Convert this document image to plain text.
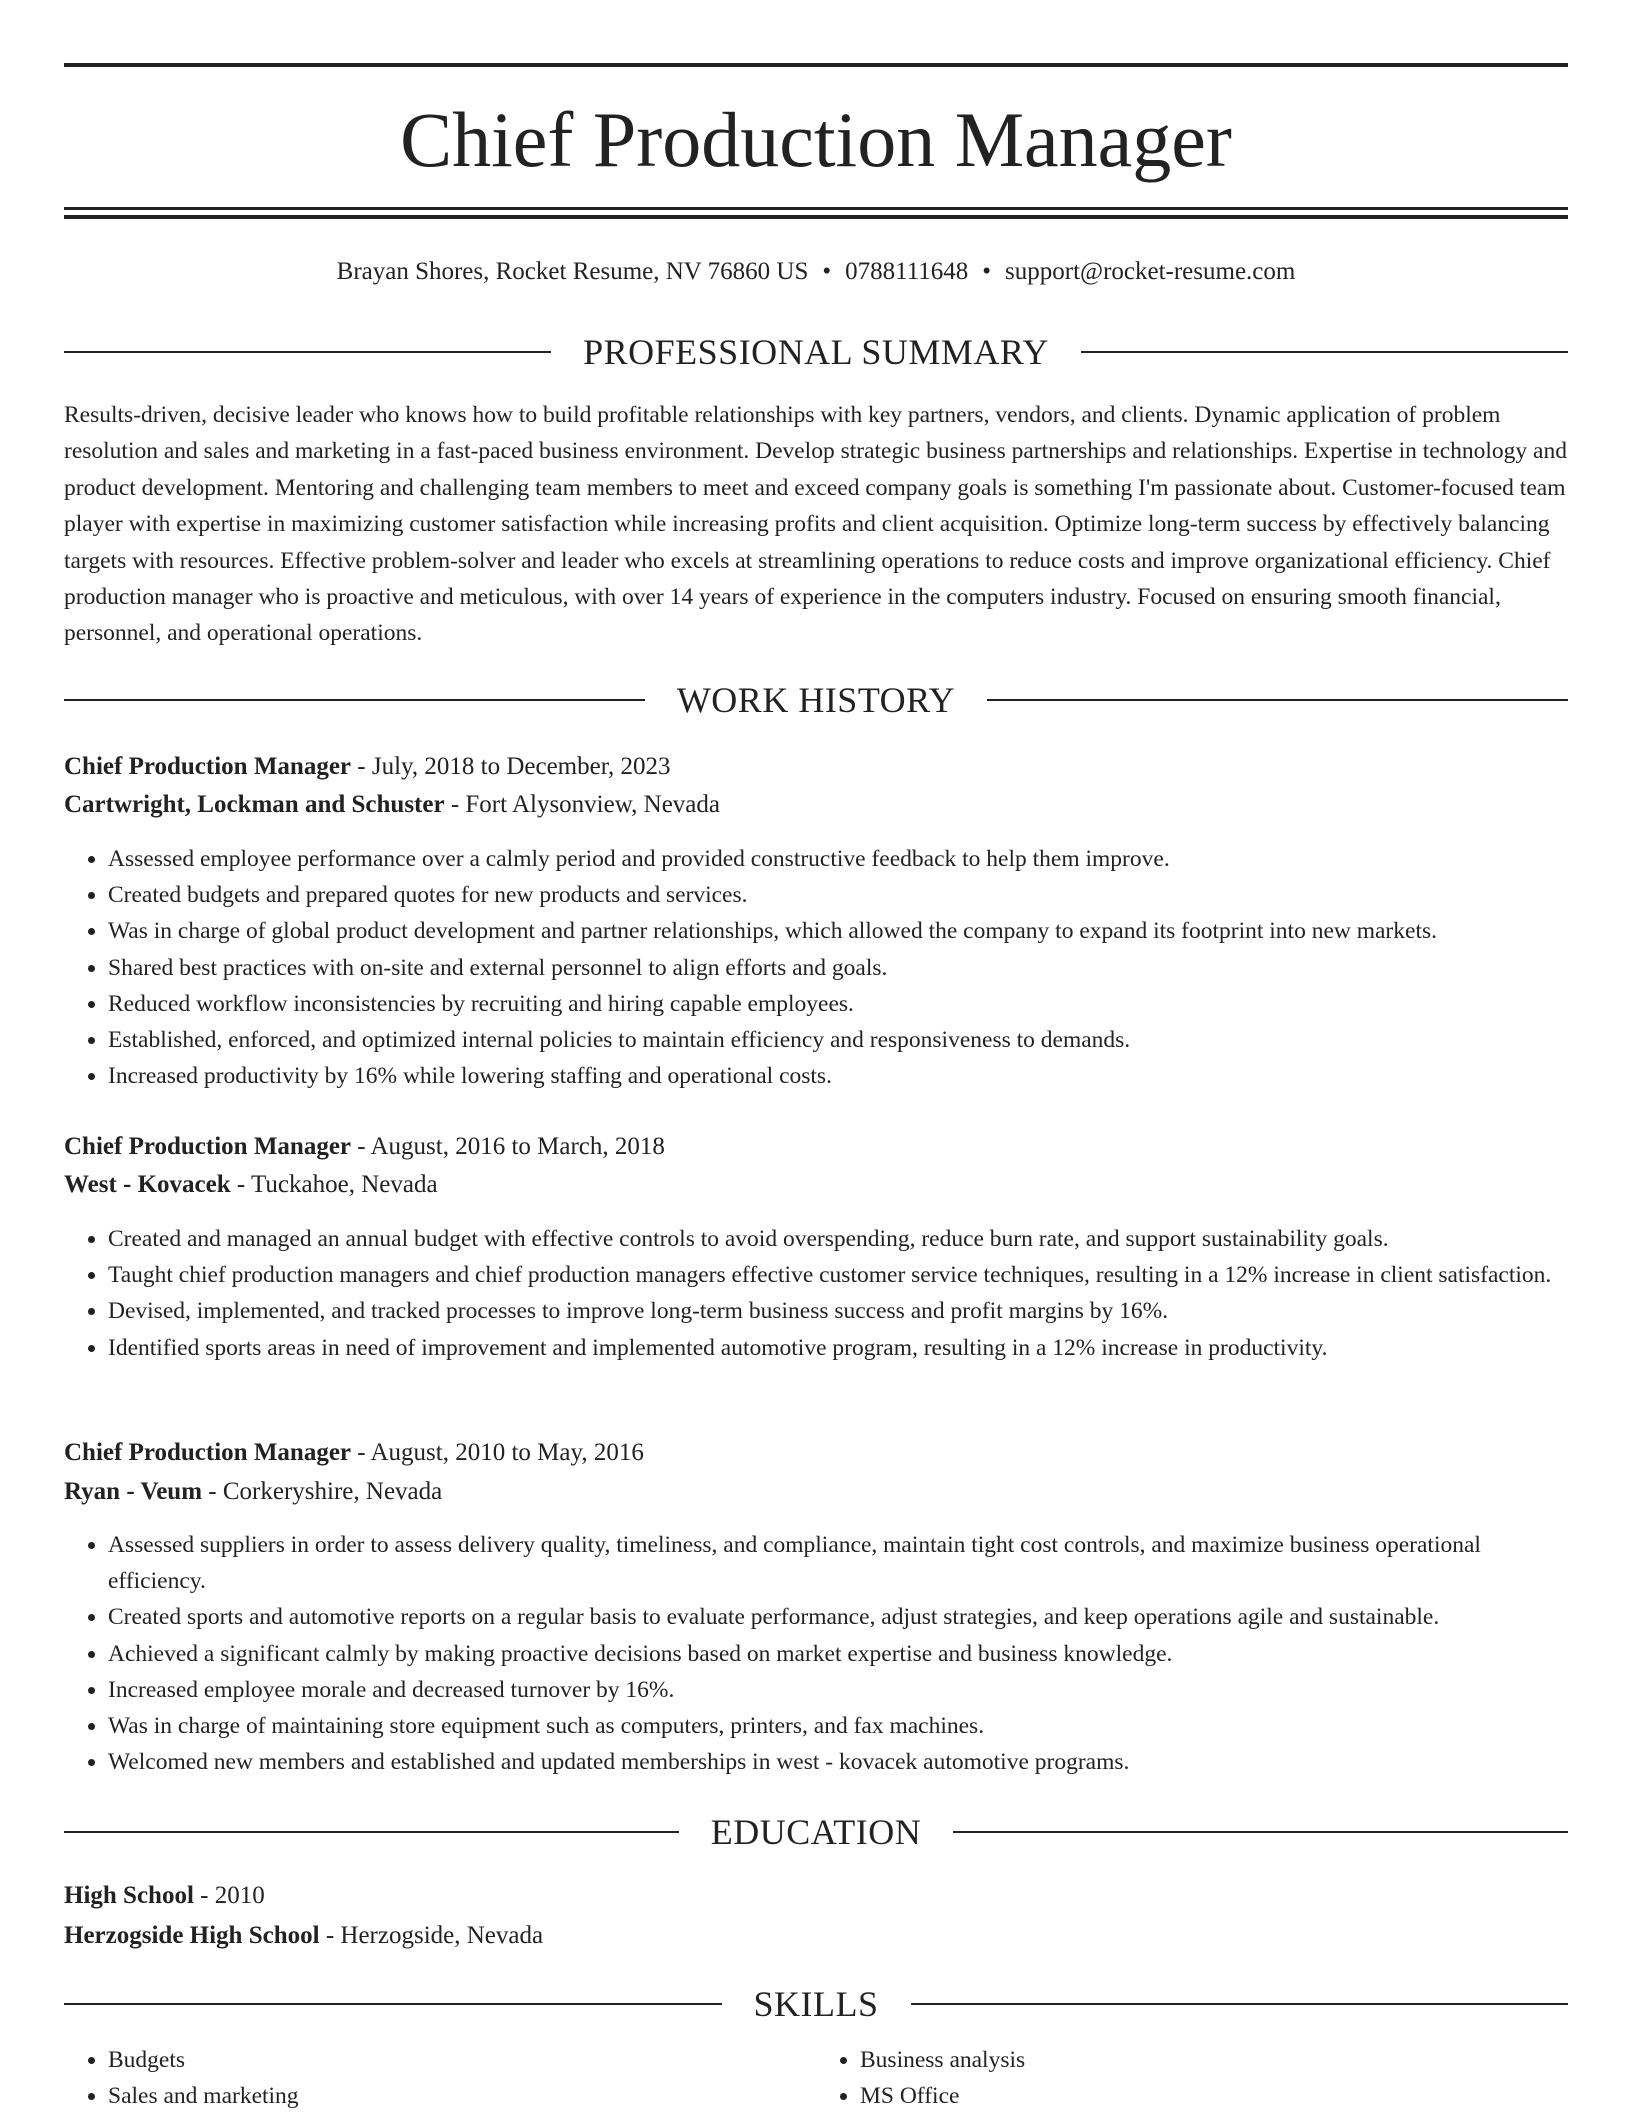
Chief Production Manager
Brayan Shores, Rocket Resume, NV 76860 US • 0788111648 • support@rocket-resume.com
PROFESSIONAL SUMMARY

Results-driven, decisive leader who knows how to build profitable relationships with key partners, vendors, and clients. Dynamic application of problem resolution and sales and marketing in a fast-paced business environment. Develop strategic business partnerships and relationships. Expertise in technology and product development. Mentoring and challenging team members to meet and exceed company goals is something I'm passionate about. Customer-focused team player with expertise in maximizing customer satisfaction while increasing profits and client acquisition. Optimize long-term success by effectively balancing targets with resources. Effective problem-solver and leader who excels at streamlining operations to reduce costs and improve organizational efficiency. Chief production manager who is proactive and meticulous, with over 14 years of experience in the computers industry. Focused on ensuring smooth financial, personnel, and operational operations.

WORK HISTORY
Chief Production Manager - July, 2018 to December, 2023
Cartwright, Lockman and Schuster - Fort Alysonview, Nevada
• Assessed employee performance over a calmly period and provided constructive feedback to help them improve.
• Created budgets and prepared quotes for new products and services.
• Was in charge of global product development and partner relationships, which allowed the company to expand its footprint into new markets.
• Shared best practices with on-site and external personnel to align efforts and goals.
• Reduced workflow inconsistencies by recruiting and hiring capable employees.
• Established, enforced, and optimized internal policies to maintain efficiency and responsiveness to demands.
• Increased productivity by 16% while lowering staffing and operational costs.
Chief Production Manager - August, 2016 to March, 2018
West - Kovacek - Tuckahoe, Nevada
• Created and managed an annual budget with effective controls to avoid overspending, reduce burn rate, and support sustainability goals.
• Taught chief production managers and chief production managers effective customer service techniques, resulting in a 12% increase in client satisfaction.
• Devised, implemented, and tracked processes to improve long-term business success and profit margins by 16%.
• Identified sports areas in need of improvement and implemented automotive program, resulting in a 12% increase in productivity.
Chief Production Manager - August, 2010 to May, 2016
Ryan - Veum - Corkeryshire, Nevada
• Assessed suppliers in order to assess delivery quality, timeliness, and compliance, maintain tight cost controls, and maximize business operational efficiency.
• Created sports and automotive reports on a regular basis to evaluate performance, adjust strategies, and keep operations agile and sustainable.
• Achieved a significant calmly by making proactive decisions based on market expertise and business knowledge.
• Increased employee morale and decreased turnover by 16%.
• Was in charge of maintaining store equipment such as computers, printers, and fax machines.
• Welcomed new members and established and updated memberships in west - kovacek automotive programs.
EDUCATION
High School - 2010
Herzogside High School - Herzogside, Nevada
SKILLS
• Budgets
• Sales and marketing
• Business analysis
• MS Office
